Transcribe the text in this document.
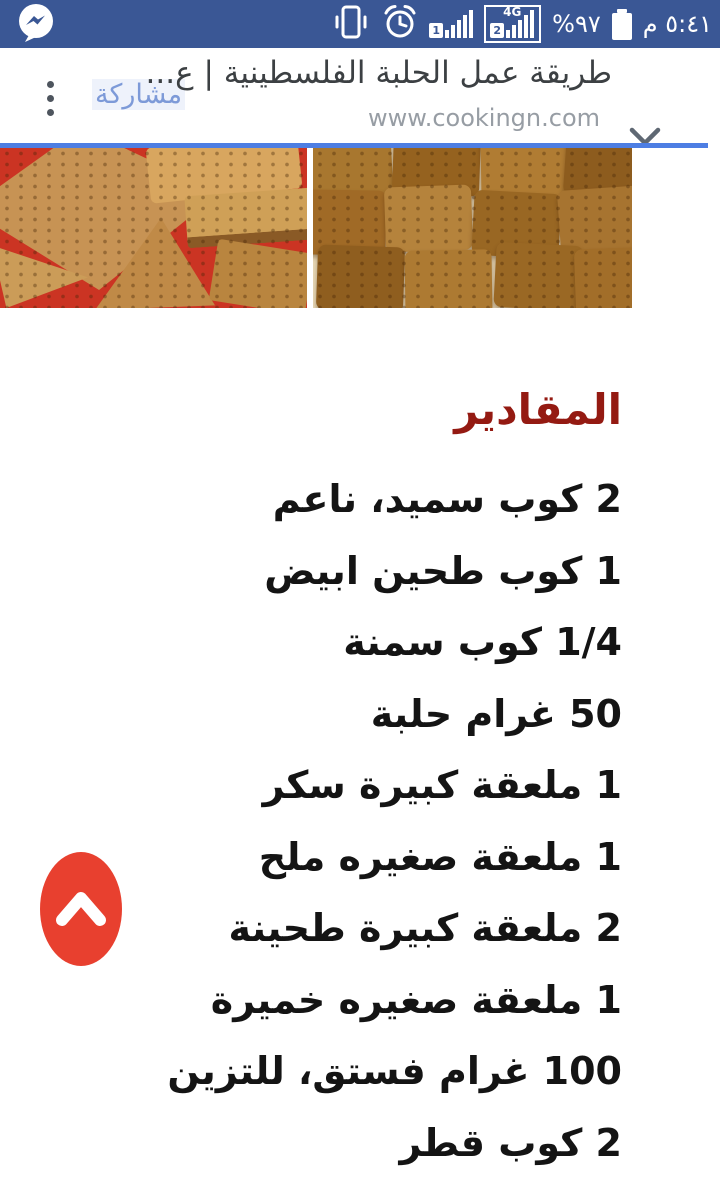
1
4G
2 ٩٧% ٥:٤١ م
مشاركة
طريقة عمل الحلبة الفلسطينية | ع...
www.cookingn.com
المقادير
2 كوب سميد، ناعم
1 كوب طحين ابيض
1/4 كوب سمنة
50 غرام حلبة
1 ملعقة كبيرة سكر
1 ملعقة صغيره ملح
2 ملعقة كبيرة طحينة
1 ملعقة صغيره خميرة
100 غرام فستق، للتزين
2 كوب قطر
